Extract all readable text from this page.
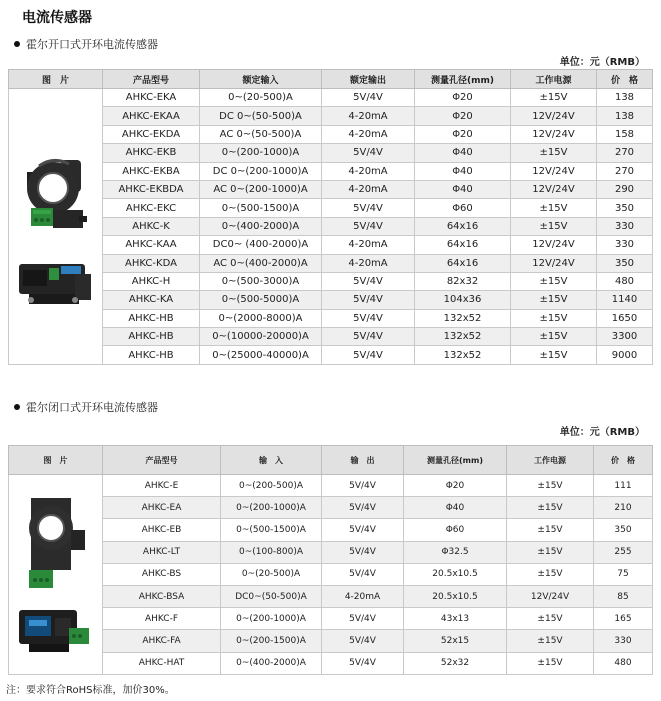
电流传感器
霍尔开口式开环电流传感器
单位：元（RMB）
图　片	产品型号	额定输入	额定输出	测量孔径(mm)	工作电源	价　格

	AHKC-EKA	0~(20-500)A	5V/4V	Φ20	±15V	138
	AHKC-EKAA	DC 0~(50-500)A	4-20mA	Φ20	12V/24V	138
	AHKC-EKDA	AC 0~(50-500)A	4-20mA	Φ20	12V/24V	158
	AHKC-EKB	0~(200-1000)A	5V/4V	Φ40	±15V	270
	AHKC-EKBA	DC 0~(200-1000)A	4-20mA	Φ40	12V/24V	270
	AHKC-EKBDA	AC 0~(200-1000)A	4-20mA	Φ40	12V/24V	290
	AHKC-EKC	0~(500-1500)A	5V/4V	Φ60	±15V	350
	AHKC-K	0~(400-2000)A	5V/4V	64x16	±15V	330
	AHKC-KAA	DC0~ (400-2000)A	4-20mA	64x16	12V/24V	330
	AHKC-KDA	AC 0~(400-2000)A	4-20mA	64x16	12V/24V	350
	AHKC-H	0~(500-3000)A	5V/4V	82x32	±15V	480
	AHKC-KA	0~(500-5000)A	5V/4V	104x36	±15V	1140
	AHKC-HB	0~(2000-8000)A	5V/4V	132x52	±15V	1650
	AHKC-HB	0~(10000-20000)A	5V/4V	132x52	±15V	3300
	AHKC-HB	0~(25000-40000)A	5V/4V	132x52	±15V	9000
霍尔闭口式开环电流传感器
单位：元（RMB）
图　片	产品型号	输　入	输　出	测量孔径(mm)	工作电源	价　格

	AHKC-E	0~(200-500)A	5V/4V	Φ20	±15V	111
	AHKC-EA	0~(200-1000)A	5V/4V	Φ40	±15V	210
	AHKC-EB	0~(500-1500)A	5V/4V	Φ60	±15V	350
	AHKC-LT	0~(100-800)A	5V/4V	Φ32.5	±15V	255
	AHKC-BS	0~(20-500)A	5V/4V	20.5x10.5	±15V	75
	AHKC-BSA	DC0~(50-500)A	4-20mA	20.5x10.5	12V/24V	85
	AHKC-F	0~(200-1000)A	5V/4V	43x13	±15V	165
	AHKC-FA	0~(200-1500)A	5V/4V	52x15	±15V	330
	AHKC-HAT	0~(400-2000)A	5V/4V	52x32	±15V	480
注：要求符合RoHS标准，加价30%。
